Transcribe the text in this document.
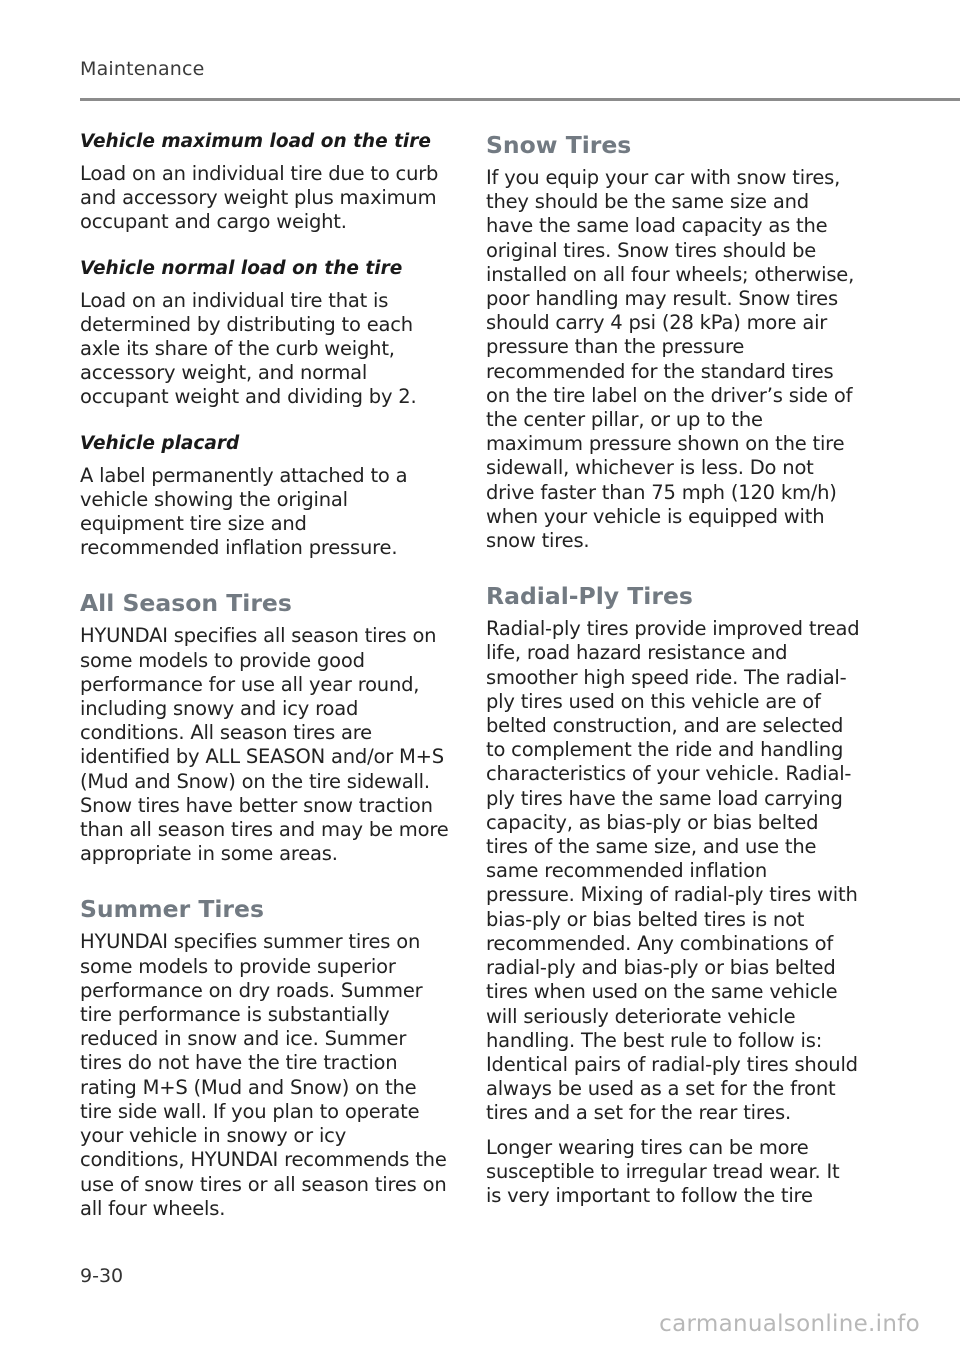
Maintenance

Vehicle maximum load on the tire

Load on an individual tire due to curb and accessory weight plus maximum occupant and cargo weight.

Vehicle normal load on the tire

Load on an individual tire that is determined by distributing to each axle its share of the curb weight, accessory weight, and normal occupant weight and dividing by 2.

Vehicle placard

A label permanently attached to a vehicle showing the original equipment tire size and recommended inflation pressure.

All Season Tires

HYUNDAI specifies all season tires on some models to provide good performance for use all year round, including snowy and icy road conditions. All season tires are identified by ALL SEASON and/or M+S (Mud and Snow) on the tire sidewall. Snow tires have better snow traction than all season tires and may be more appropriate in some areas.

Summer Tires

HYUNDAI specifies summer tires on some models to provide superior performance on dry roads. Summer tire performance is substantially reduced in snow and ice. Summer tires do not have the tire traction rating M+S (Mud and Snow) on the tire side wall. If you plan to operate your vehicle in snowy or icy conditions, HYUNDAI recommends the use of snow tires or all season tires on all four wheels.

Snow Tires

If you equip your car with snow tires, they should be the same size and have the same load capacity as the original tires. Snow tires should be installed on all four wheels; otherwise, poor handling may result. Snow tires should carry 4 psi (28 kPa) more air pressure than the pressure recommended for the standard tires on the tire label on the driver’s side of the center pillar, or up to the maximum pressure shown on the tire sidewall, whichever is less. Do not drive faster than 75 mph (120 km/h) when your vehicle is equipped with snow tires.

Radial-Ply Tires

Radial-ply tires provide improved tread life, road hazard resistance and smoother high speed ride. The radial-ply tires used on this vehicle are of belted construction, and are selected to complement the ride and handling characteristics of your vehicle. Radial-ply tires have the same load carrying capacity, as bias-ply or bias belted tires of the same size, and use the same recommended inflation pressure. Mixing of radial-ply tires with bias-ply or bias belted tires is not recommended. Any combinations of radial-ply and bias-ply or bias belted tires when used on the same vehicle will seriously deteriorate vehicle handling. The best rule to follow is: Identical pairs of radial-ply tires should always be used as a set for the front tires and a set for the rear tires.

Longer wearing tires can be more susceptible to irregular tread wear. It is very important to follow the tire

9-30
carmanualsonline.info
